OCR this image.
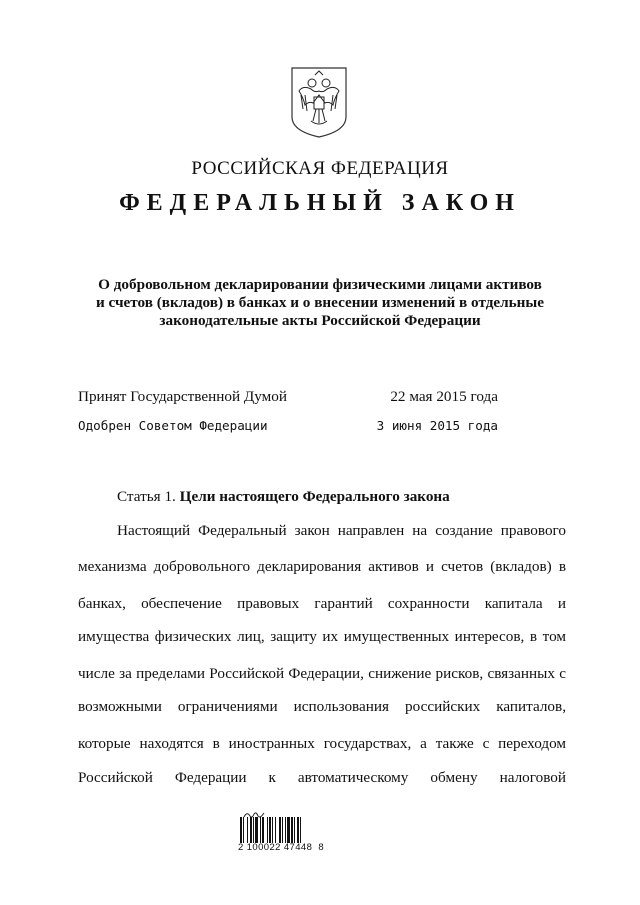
РОССИЙСКАЯ ФЕДЕРАЦИЯ
ФЕДЕРАЛЬНЫЙ ЗАКОН
О добровольном декларировании физическими лицами активов
и счетов (вкладов) в банках и о внесении изменений в отдельные
законодательные акты Российской Федерации
Принят Государственной Думой	22 мая 2015 года
Одобрен Советом Федерации	3 июня 2015 года
Статья 1. Цели настоящего Федерального закона
Настоящий Федеральный закон направлен на создание правового
механизма добровольного декларирования активов и счетов (вкладов) в
банках, обеспечение правовых гарантий сохранности капитала и
имущества физических лиц, защиту их имущественных интересов, в том
числе за пределами Российской Федерации, снижение рисков, связанных с
возможными ограничениями использования российских капиталов,
которые находятся в иностранных государствах, а также с переходом
Российской Федерации к автоматическому обмену налоговой
2 100022 47448  8
